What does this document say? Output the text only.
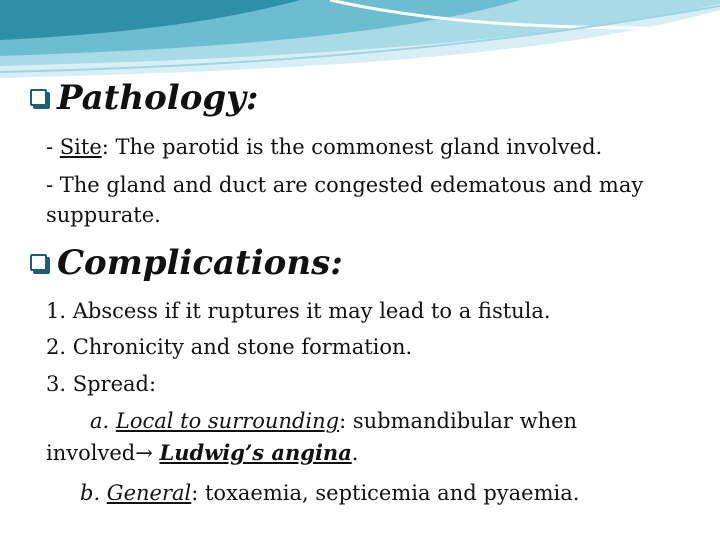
Pathology:
- Site: The parotid is the commonest gland involved.
- The gland and duct are congested edematous and may
suppurate.
Complications:
1. Abscess if it ruptures it may lead to a fistula.
2. Chronicity and stone formation.
3. Spread:
a. Local to surrounding: submandibular when
involved→ Ludwig’s angina.
b. General: toxaemia, septicemia and pyaemia.
